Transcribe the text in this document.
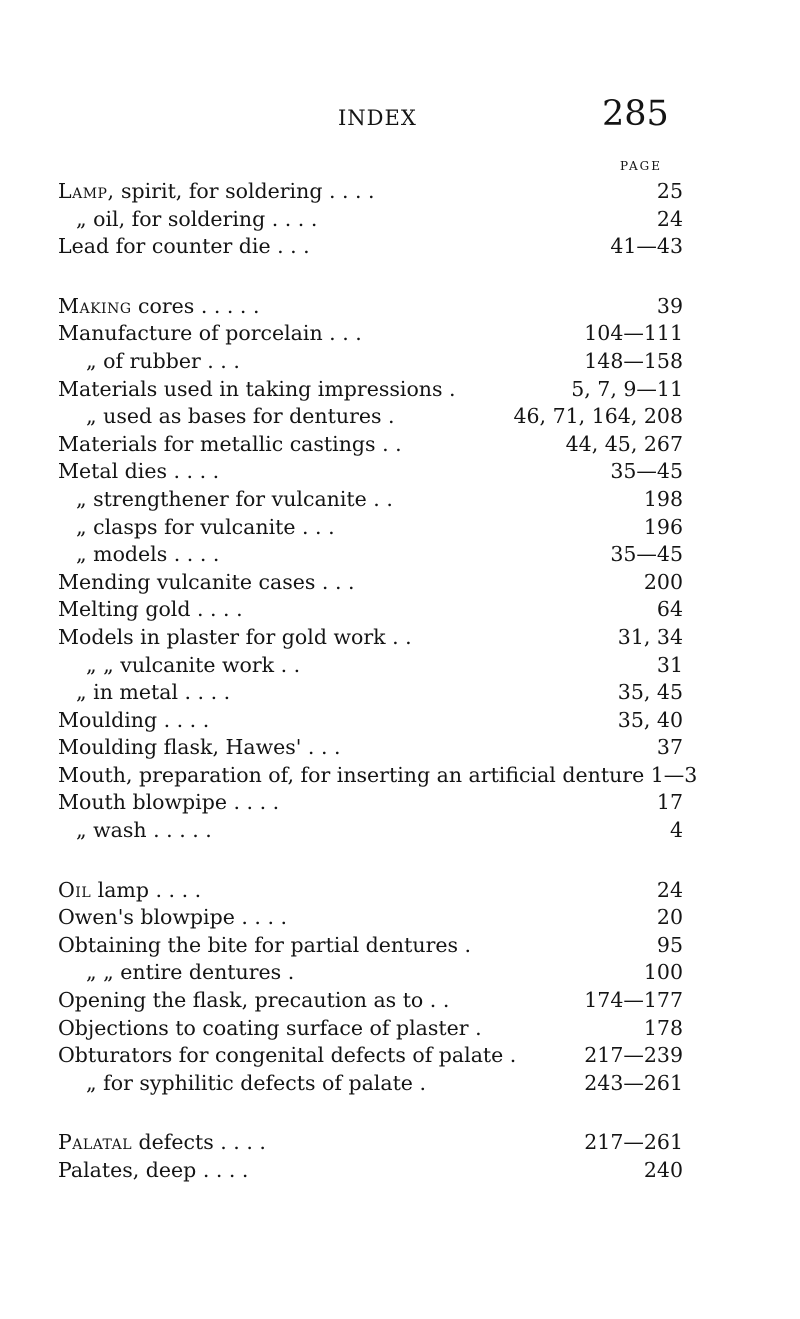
INDEX	285
PAGE
Lamp, spirit, for soldering . . . .	25
„ oil, for soldering . . . .	24
Lead for counter die . . .	41—43
Making cores . . . . .	39
Manufacture of porcelain . . .	104—111
„ of rubber . . .	148—158
Materials used in taking impressions .	5, 7, 9—11
„ used as bases for dentures .	46, 71, 164, 208
Materials for metallic castings . .	44, 45, 267
Metal dies . . . .	35—45
„ strengthener for vulcanite . .	198
„ clasps for vulcanite . . .	196
„ models . . . .	35—45
Mending vulcanite cases . . .	200
Melting gold . . . .	64
Models in plaster for gold work . .	31, 34
„ „ vulcanite work . .	31
„ in metal . . . .	35, 45
Moulding . . . .	35, 40
Moulding flask, Hawes' . . .	37
Mouth, preparation of, for inserting an artificial denture 1—3
Mouth blowpipe . . . .	17
„ wash . . . . .	4
Oil lamp . . . .	24
Owen's blowpipe . . . .	20
Obtaining the bite for partial dentures .	95
„ „ entire dentures .	100
Opening the flask, precaution as to . .	174—177
Objections to coating surface of plaster .	178
Obturators for congenital defects of palate .	217—239
„ for syphilitic defects of palate .	243—261
Palatal defects . . . .	217—261
Palates, deep . . . .	240
